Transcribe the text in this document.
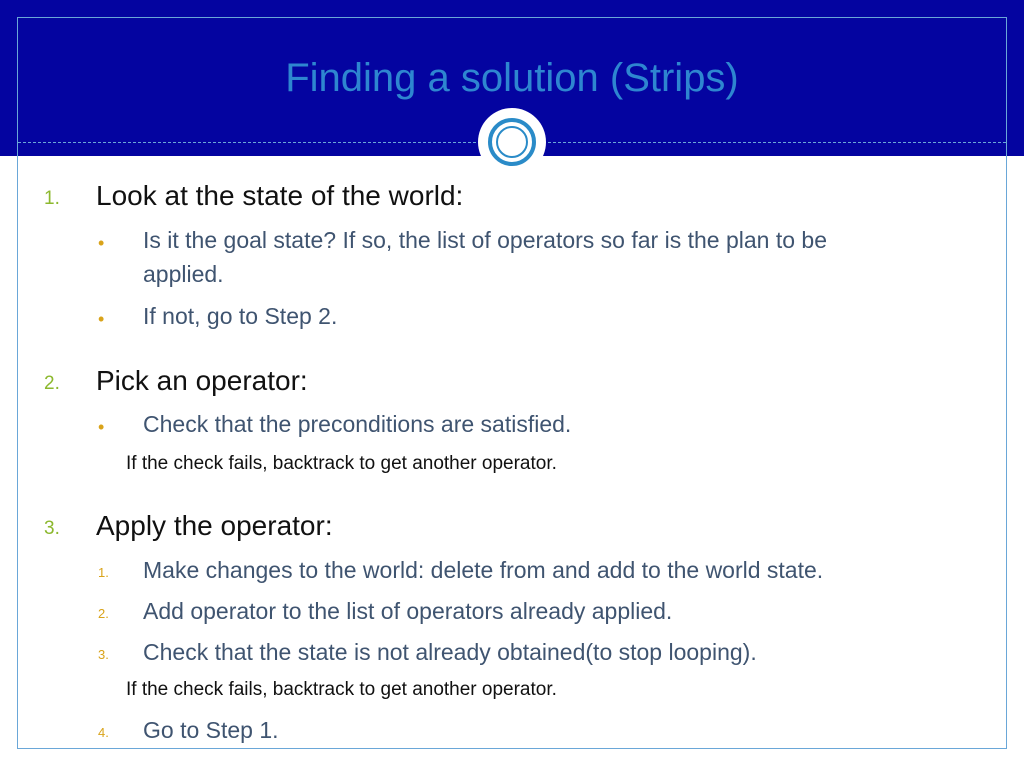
Finding a solution (Strips)
1. Look at the state of the world:
• Is it the goal state? If so, the list of operators so far is the plan to be
applied.
• If not, go to Step 2.
2. Pick an operator:
• Check that the preconditions are satisfied.
If the check fails, backtrack to get another operator.
3. Apply the operator:
1. Make changes to the world: delete from and add to the world state.
2. Add operator to the list of operators already applied.
3. Check that the state is not already obtained(to stop looping).
If the check fails, backtrack to get another operator.
4. Go to Step 1.
